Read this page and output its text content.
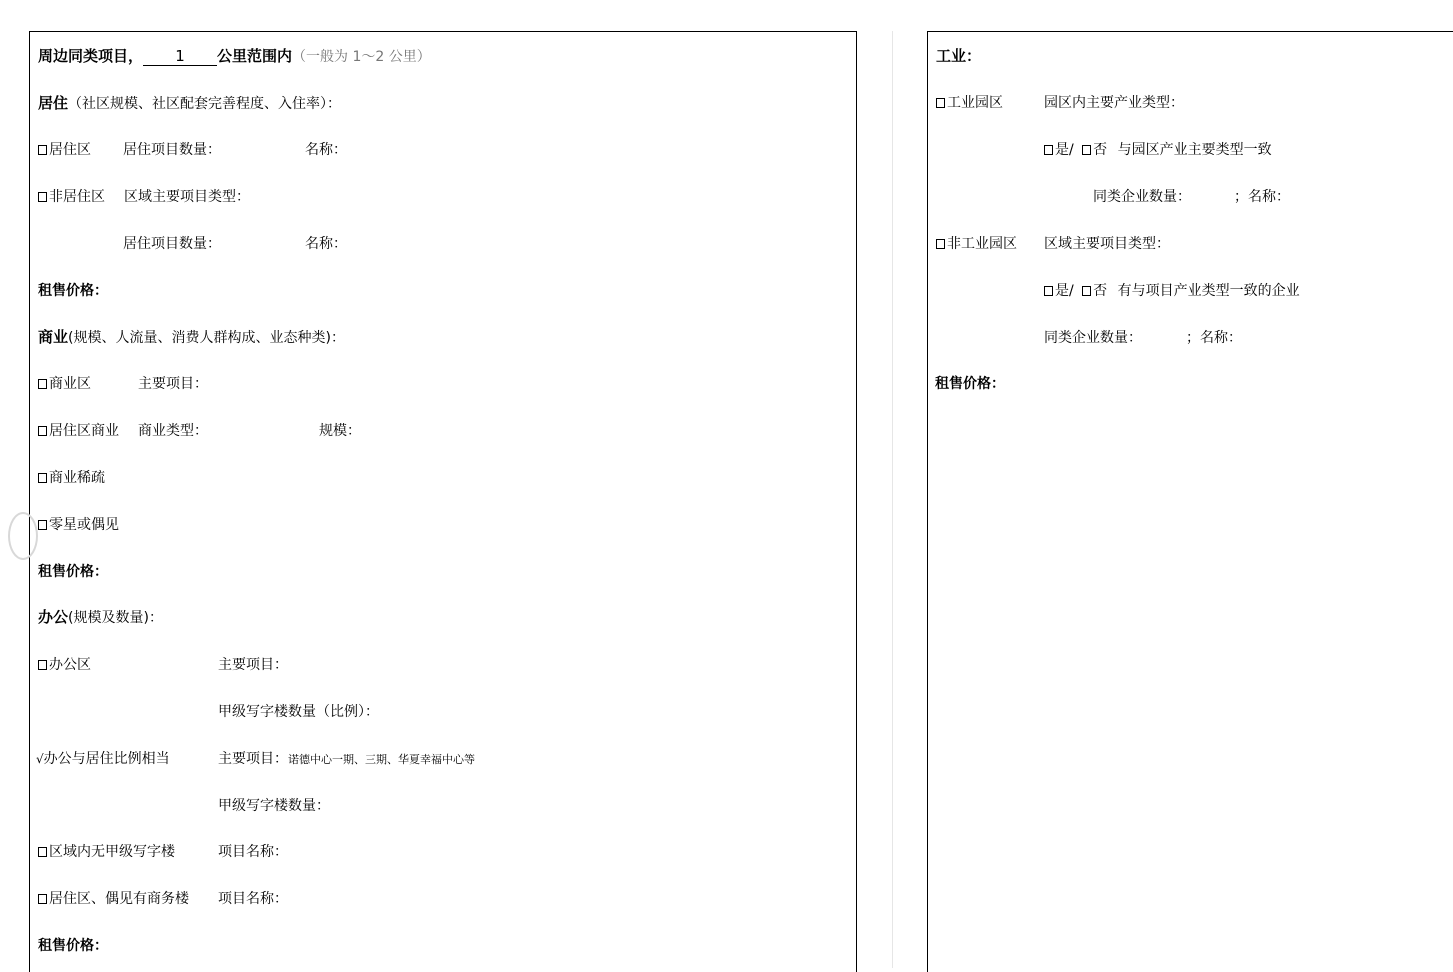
周边同类项目， 1 公里范围内（一般为 1～2 公里）
居住（社区规模、社区配套完善程度、入住率）：
居住区 居住项目数量：	名称：
非居住区 区域主要项目类型：
居住项目数量：	名称：
租售价格：
商业(规模、人流量、消费人群构成、业态种类)：
商业区	主要项目：
居住区商业 商业类型：	规模：
商业稀疏
零星或偶见
租售价格：
办公(规模及数量)：
办公区	主要项目：
甲级写字楼数量（比例）：
√办公与居住比例相当	主要项目：诺德中心一期、三期、华夏幸福中心等
甲级写字楼数量：
区域内无甲级写字楼	项目名称：
居住区、偶见有商务楼 项目名称：
租售价格：
工业：
工业园区	园区内主要产业类型：
是/ 否 与园区产业主要类型一致
同类企业数量：	；名称：
非工业园区 区域主要项目类型：
是/ 否 有与项目产业类型一致的企业
同类企业数量：	；名称：
租售价格：
